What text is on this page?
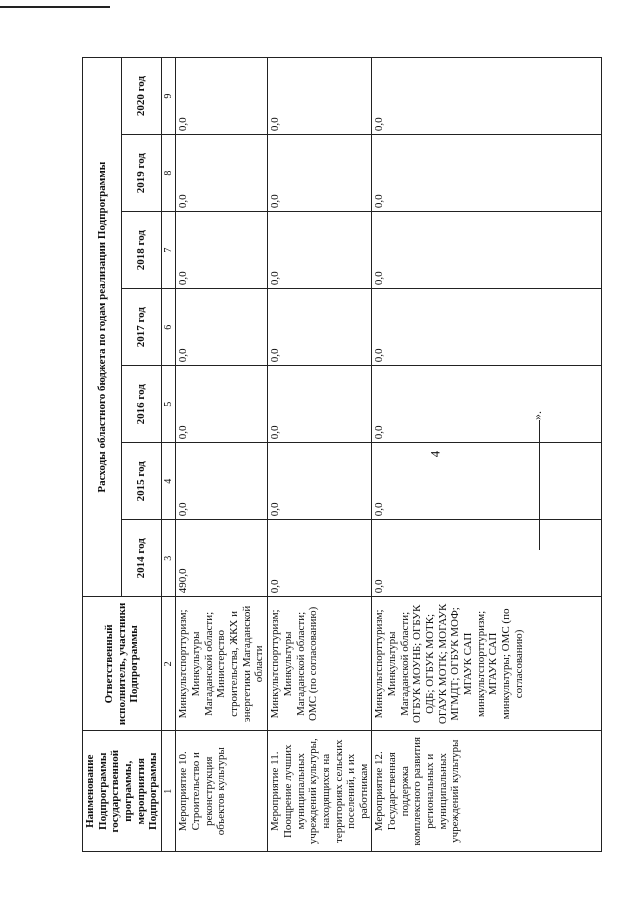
4
».
Наименование Подпрограммы государственной программы, мероприятия Подпрограммы	Ответственный исполнитель, участники Подпрограммы	Расходы областного бюджета по годам реализации Подпрограммы						
		2014 год	2015 год	2016 год	2017 год	2018 год	2019 год	2020 год
1	2	3	4	5	6	7	8	9
Мероприятие 10. Строительство и реконструкция объектов культуры	Минкультспорттуризм; Минкультуры Магаданской области; Министерство строительства, ЖКХ и энергетики Магаданской области	490,0	0,0	0,0	0,0	0,0	0,0	0,0
Мероприятие 11. Поощрение лучших муниципальных учреждений культуры, находящихся на территориях сельских поселений, и их работникам	Минкультспорттуризм; Минкультуры Магаданской области; ОМС (по согласованию)	0,0	0,0	0,0	0,0	0,0	0,0	0,0
Мероприятие 12. Государственная поддержка комплексного развития региональных и муниципальных учреждений культуры	Минкультспорттуризм; Минкультуры Магаданской области; ОГБУК МОУНБ; ОГБУК ОДБ; ОГБУК МОТК; ОГАУК МОТК; МОГАУК МГМДТ; ОГБУК МОФ; МГАУК САП минкультспорттуризм; МГАУК САП минкультуры; ОМС (по согласованию)	0,0	0,0	0,0	0,0	0,0	0,0	0,0
